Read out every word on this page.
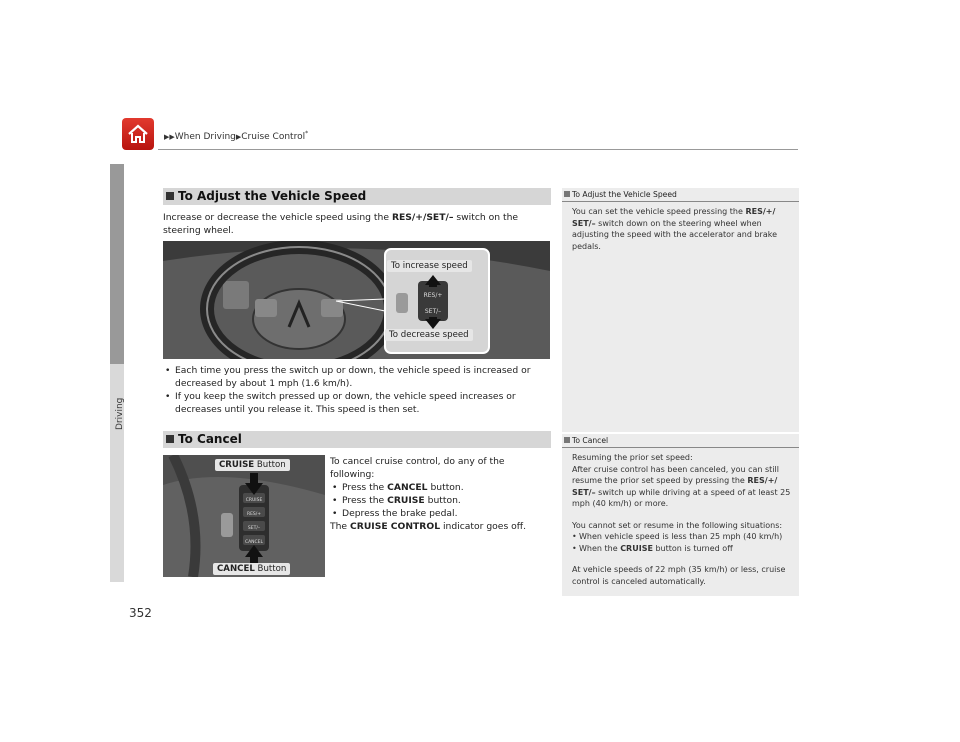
▶▶When Driving▶Cruise Control*
Driving
352
To Adjust the Vehicle Speed
Increase or decrease the vehicle speed using the RES/+/SET/– switch on the steering wheel.
RES/+
SET/–
To increase speed
To decrease speed
• Each time you press the switch up or down, the vehicle speed is increased or decreased by about 1 mph (1.6 km/h).
• If you keep the switch pressed up or down, the vehicle speed increases or decreases until you release it. This speed is then set.
To Cancel
CRUISE
RES/+
SET/–
CANCEL
CRUISE Button
CANCEL Button
To cancel cruise control, do any of the following:
• Press the CANCEL button.
• Press the CRUISE button.
• Depress the brake pedal.
The CRUISE CONTROL indicator goes off.
To Adjust the Vehicle Speed
You can set the vehicle speed pressing the RES/+/
SET/– switch down on the steering wheel when adjusting the speed with the accelerator and brake pedals.
To Cancel
Resuming the prior set speed:
After cruise control has been canceled, you can still resume the prior set speed by pressing the RES/+/
SET/– switch up while driving at a speed of at least 25 mph (40 km/h) or more.
You cannot set or resume in the following situations:
• When vehicle speed is less than 25 mph (40 km/h)
• When the CRUISE button is turned off
At vehicle speeds of 22 mph (35 km/h) or less, cruise control is canceled automatically.
